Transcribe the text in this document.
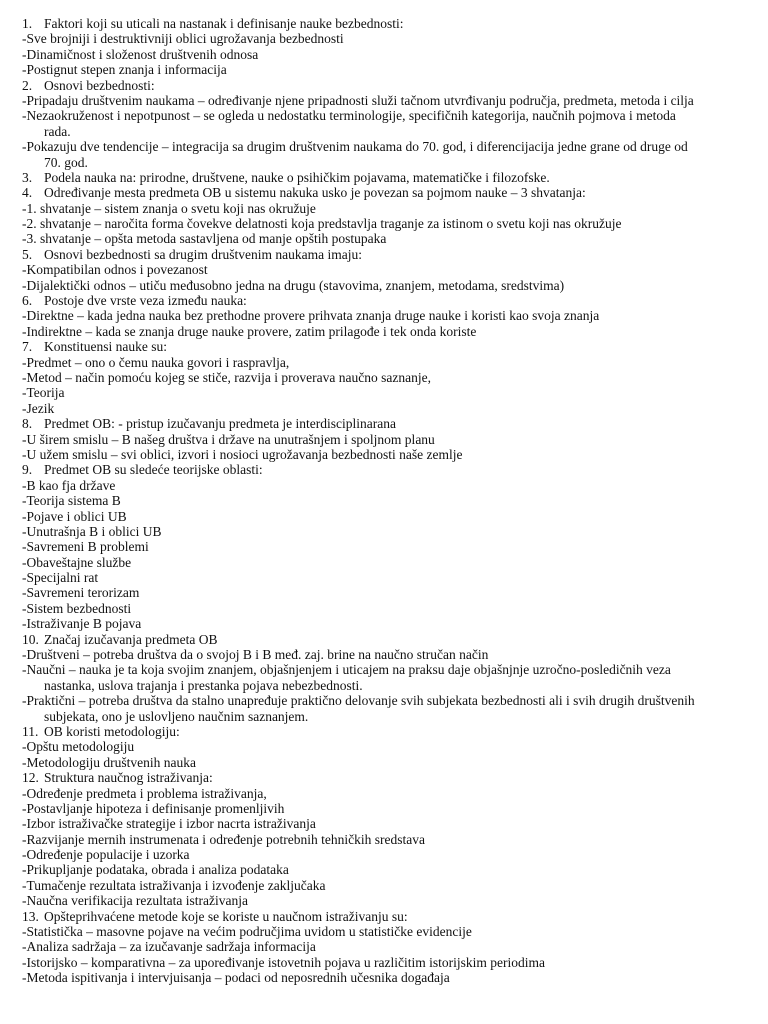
1. Faktori koji su uticali na nastanak i definisanje nauke bezbednosti:
-Sve brojniji i destruktivniji oblici ugrožavanja bezbednosti
-Dinamičnost i složenost društvenih odnosa
-Postignut stepen znanja i informacija
2. Osnovi bezbednosti:
-Pripadaju društvenim naukama – određivanje njene pripadnosti služi tačnom utvrđivanju područja, predmeta, metoda i cilja
-Nezaokruženost i nepotpunost – se ogleda u nedostatku terminologije, specifičnih kategorija, naučnih pojmova i metoda
rada.
-Pokazuju dve tendencije – integracija sa drugim društvenim naukama do 70. god, i diferencijacija jedne grane od druge od
70. god.
3. Podela nauka na: prirodne, društvene, nauke o psihičkim pojavama, matematičke i filozofske.
4. Određivanje mesta predmeta OB u sistemu nakuka usko je povezan sa pojmom nauke – 3 shvatanja:
-1. shvatanje – sistem znanja o svetu koji nas okružuje
-2. shvatanje – naročita forma čovekve delatnosti koja predstavlja traganje za istinom o svetu koji nas okružuje
-3. shvatanje – opšta metoda sastavljena od manje opštih postupaka
5. Osnovi bezbednosti sa drugim društvenim naukama imaju:
-Kompatibilan odnos i povezanost
-Dijalektički odnos – utiču međusobno jedna na drugu (stavovima, znanjem, metodama, sredstvima)
6. Postoje dve vrste veza između nauka:
-Direktne – kada jedna nauka bez prethodne provere prihvata znanja druge nauke i koristi kao svoja znanja
-Indirektne – kada se znanja druge nauke provere, zatim prilagođe i tek onda koriste
7. Konstituensi nauke su:
-Predmet – ono o čemu nauka govori i raspravlja,
-Metod – način pomoću kojeg se stiče, razvija i proverava naučno saznanje,
-Teorija
-Jezik
8. Predmet OB: - pristup izučavanju predmeta je interdisciplinarana
-U širem smislu – B našeg društva i države na unutrašnjem i spoljnom planu
-U užem smislu – svi oblici, izvori i nosioci ugrožavanja bezbednosti naše zemlje
9. Predmet OB su sledeće teorijske oblasti:
-B kao fja države
-Teorija sistema B
-Pojave i oblici UB
-Unutrašnja B i oblici UB
-Savremeni B problemi
-Obaveštajne službe
-Specijalni rat
-Savremeni terorizam
-Sistem bezbednosti
-Istraživanje B pojava
10. Značaj izučavanja predmeta OB
-Društveni – potreba društva da o svojoj B i B međ. zaj. brine na naučno stručan način
-Naučni – nauka je ta koja svojim znanjem, objašnjenjem i uticajem na praksu daje objašnjnje uzročno-posledičnih veza
nastanka, uslova trajanja i prestanka pojava nebezbednosti.
-Praktični – potreba društva da stalno unapređuje praktično delovanje svih subjekata bezbednosti ali i svih drugih društvenih
subjekata, ono je uslovljeno naučnim saznanjem.
11. OB koristi metodologiju:
-Opštu metodologiju
-Metodologiju društvenih nauka
12. Struktura naučnog istraživanja:
-Određenje predmeta i problema istraživanja,
-Postavljanje hipoteza i definisanje promenljivih
-Izbor istraživačke strategije i izbor nacrta istraživanja
-Razvijanje mernih instrumenata i određenje potrebnih tehničkih sredstava
-Određenje populacije i uzorka
-Prikupljanje podataka, obrada i analiza podataka
-Tumačenje rezultata istraživanja i izvođenje zaključaka
-Naučna verifikacija rezultata istraživanja
13. Opšteprihvaćene metode koje se koriste u naučnom istraživanju su:
-Statistička – masovne pojave na većim područjima uvidom u statističke evidencije
-Analiza sadržaja – za izučavanje sadržaja informacija
-Istorijsko – komparativna – za upoređivanje istovetnih pojava u različitim istorijskim periodima
-Metoda ispitivanja i intervjuisanja – podaci od neposrednih učesnika događaja
